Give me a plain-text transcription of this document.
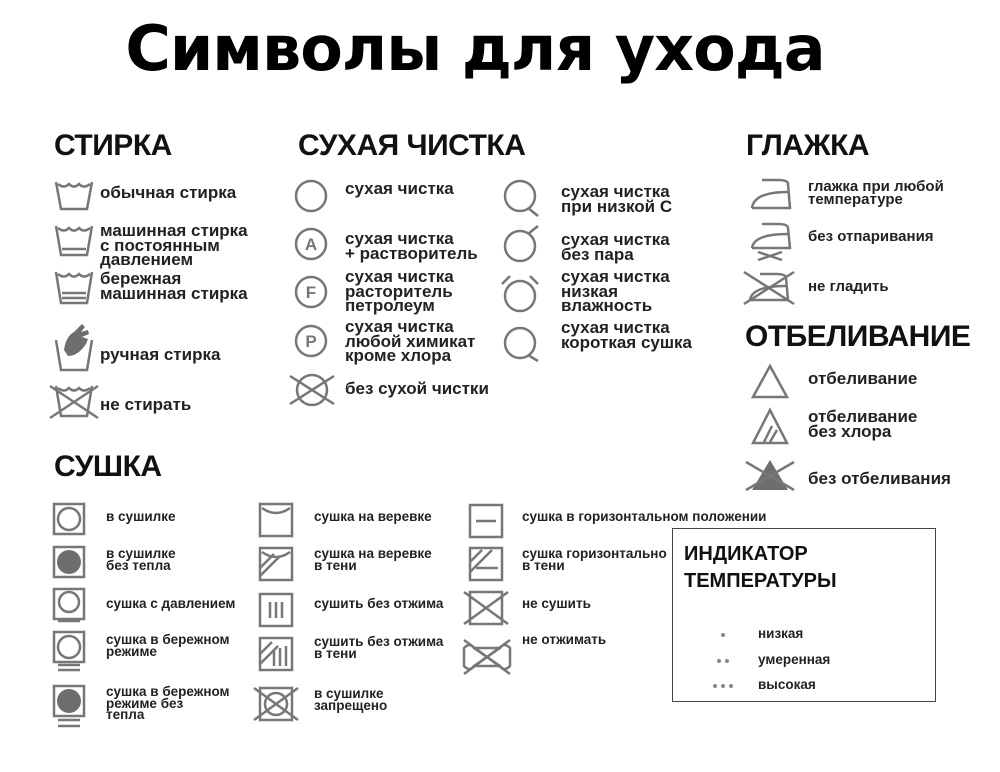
Символы для ухода
СТИРКА	СУХАЯ ЧИСТКА	ГЛАЖКА
ОТБЕЛИВАНИЕ
СУШКА
обычная стирка
машинная стирка
с постоянным
давлением
бережная
машинная стирка
ручная стирка
не стирать
сухая чистка
A сухая чистка
+ растворитель
F
сухая чистка
расторитель
петролеум
P
сухая чистка
любой химикат
кроме хлора
без сухой чистки
сухая чистка
при низкой С
сухая чистка
без пара
сухая чистка
низкая
влажность
сухая чистка
короткая сушка
глажка при любой
температуре
без отпаривания
не гладить
отбеливание
отбеливание
без хлора
без отбеливания
в сушилке
в сушилке
без тепла
сушка с давлением
сушка в бережном
режиме
сушка в бережном
режиме без
тепла
сушка на веревке
сушка на веревке
в тени
сушить без отжима
сушить без отжима
в тени
в сушилке
запрещено
сушка в горизонтальном положении
сушка горизонтально
в тени
не сушить
не отжимать
ИНДИКАТОР
ТЕМПЕРАТУРЫ
низкая
умеренная
высокая
